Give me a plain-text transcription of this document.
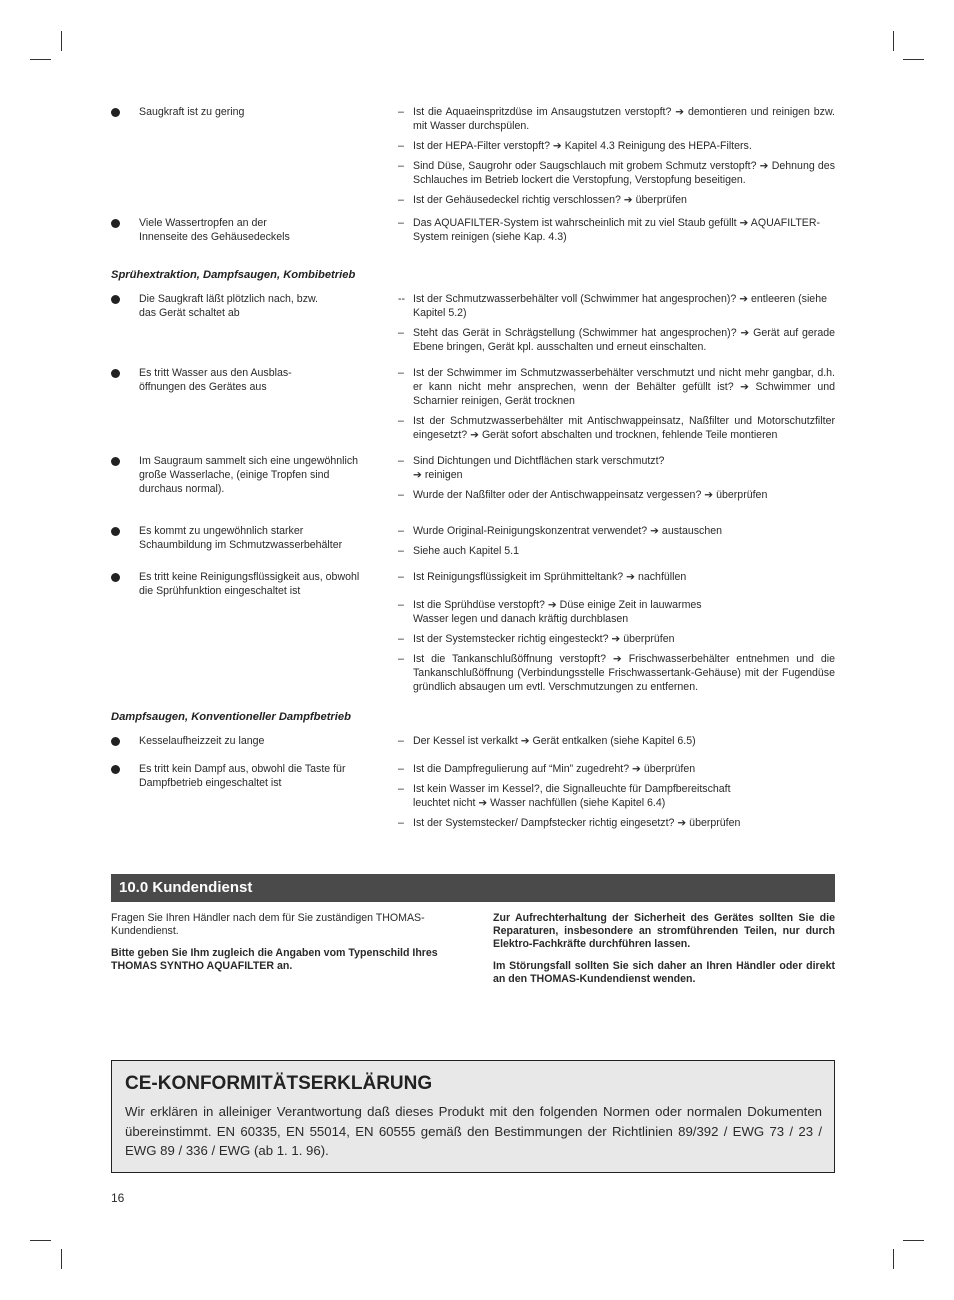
Saugkraft ist zu gering	– Ist die Aquaeinspritzdüse im Ansaugstutzen verstopft? ➔ demontieren und reinigen bzw. mit Wasser durchspülen.
– Ist der HEPA-Filter verstopft? ➔ Kapitel 4.3 Reinigung des HEPA-Filters.
– Sind Düse, Saugrohr oder Saugschlauch mit grobem Schmutz verstopft? ➔ Dehnung des Schlauches im Betrieb lockert die Verstopfung, Verstopfung beseitigen.
– Ist der Gehäusedeckel richtig verschlossen? ➔ überprüfen
Viele Wassertropfen an der Innenseite des Gehäusedeckels
– Das AQUAFILTER-System ist wahrscheinlich mit zu viel Staub gefüllt ➔ AQUAFILTER-System reinigen (siehe Kap. 4.3)
Sprühextraktion, Dampfsaugen, Kombibetrieb
Die Saugkraft läßt plötzlich nach, bzw. das Gerät schaltet ab
-- Ist der Schmutzwasserbehälter voll (Schwimmer hat angesprochen)? ➔ entleeren (siehe Kapitel 5.2)
– Steht das Gerät in Schrägstellung (Schwimmer hat angesprochen)? ➔ Gerät auf gerade Ebene bringen, Gerät kpl. ausschalten und erneut einschalten.
Es tritt Wasser aus den Ausblas-öffnungen des Gerätes aus
– Ist der Schwimmer im Schmutzwasserbehälter verschmutzt und nicht mehr gangbar, d.h. er kann nicht mehr ansprechen, wenn der Behälter gefüllt ist? ➔ Schwimmer und Scharnier reinigen, Gerät trocknen
– Ist der Schmutzwasserbehälter mit Antischwappeinsatz, Naßfilter und Motorschutzfilter eingesetzt? ➔ Gerät sofort abschalten und trocknen, fehlende Teile montieren
Im Saugraum sammelt sich eine ungewöhnlich große Wasserlache, (einige Tropfen sind durchaus normal).
– Sind Dichtungen und Dichtflächen stark verschmutzt? ➔ reinigen
– Wurde der Naßfilter oder der Antischwappeinsatz vergessen? ➔ überprüfen
Es kommt zu ungewöhnlich starker Schaumbildung im Schmutzwasserbehälter
– Wurde Original-Reinigungskonzentrat verwendet? ➔ austauschen
– Siehe auch Kapitel 5.1
Es tritt keine Reinigungsflüssigkeit aus, obwohl die Sprühfunktion eingeschaltet ist
– Ist Reinigungsflüssigkeit im Sprühmitteltank? ➔ nachfüllen
– Ist die Sprühdüse verstopft? ➔ Düse einige Zeit in lauwarmes Wasser legen und danach kräftig durchblasen
– Ist der Systemstecker richtig eingesteckt? ➔ überprüfen
– Ist die Tankanschlußöffnung verstopft? ➔ Frischwasserbehälter entnehmen und die Tankanschlußöffnung (Verbindungsstelle Frischwassertank-Gehäuse) mit der Fugendüse gründlich absaugen um evtl. Verschmutzungen zu entfernen.
Dampfsaugen, Konventioneller Dampfbetrieb
Kesselaufheizzeit zu lange	– Der Kessel ist verkalkt ➔ Gerät entkalken (siehe Kapitel 6.5)
Es tritt kein Dampf aus, obwohl die Taste für Dampfbetrieb eingeschaltet ist
– Ist die Dampfregulierung auf “Min” zugedreht? ➔ überprüfen
– Ist kein Wasser im Kessel?, die Signalleuchte für Dampfbereitschaft leuchtet nicht ➔ Wasser nachfüllen (siehe Kapitel 6.4)
– Ist der Systemstecker/ Dampfstecker richtig eingesetzt? ➔ überprüfen
10.0 Kundendienst

Fragen Sie Ihren Händler nach dem für Sie zuständigen THOMAS-Kundendienst.

Bitte geben Sie Ihm zugleich die Angaben vom Typenschild Ihres THOMAS SYNTHO AQUAFILTER an.

Zur Aufrechterhaltung der Sicherheit des Gerätes sollten Sie die Reparaturen, insbesondere an stromführenden Teilen, nur durch Elektro-Fachkräfte durchführen lassen.

Im Störungsfall sollten Sie sich daher an Ihren Händler oder direkt an den THOMAS-Kundendienst wenden.

CE-KONFORMITÄTSERKLÄRUNG
Wir erklären in alleiniger Verantwortung daß dieses Produkt mit den folgenden Normen oder normalen Dokumenten übereinstimmt. EN 60335, EN 55014, EN 60555 gemäß den Bestimmungen der Richtlinien 89/392 / EWG 73 / 23 / EWG 89 / 336 / EWG (ab 1. 1. 96).
16
